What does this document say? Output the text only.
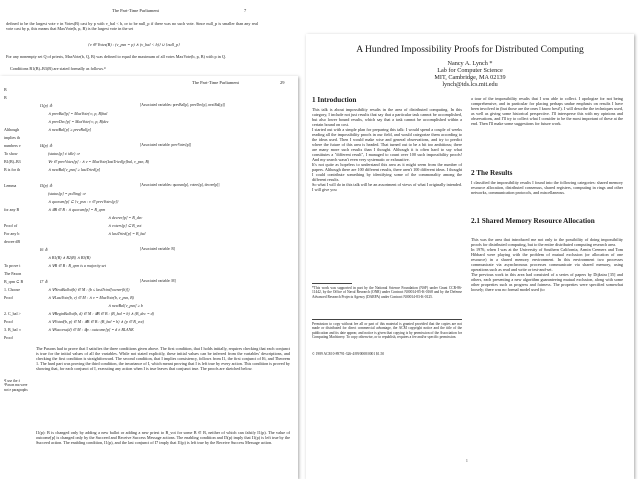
The Part-Time Parliament	7
defined to be the largest vote v in Votes(B) cast by p with v_bal < b, or to be null_p if there was no such vote. Since null_p is smaller than any real vote cast by p, this means that MaxVote(b, p, B) is the largest vote in the set
{v ∈ Votes(B) : (v_psn = p) ∧ (v_bal < b)} ∪ {null_p}
For any nonempty set Q of priests, MaxVote(b, Q, B) was defined to equal the maximum of all votes MaxVote(b, p, B) with p in Q.
Conditions B1(B)–B3(B) are stated formally as follows.⁸
The Part-Time Parliament	29
B
B
I1(p) ≜	[Associated variables: prevBal[p], prevDec[p], nextBal[p]]
∧ prevBal[p] = MaxVote(∞, p, B)bal
∧ prevDec[p] = MaxVote(∞, p, B)dec
Although	∧ nextBal[p] ≥ prevBal[p]
implies th
numbers v	I4(p) ≜	[Associated variable: prevVotes[p]]
To show	(status[p] ≠ idle) ⇒
B1(B)–B3	∀v ∈ prevVotes[p] : ∧ v = MaxVote(lastTried[p]bal, v_psn, B)
B is for th	∧ nextBal[v_psn] ≥ lastTried[p]
Lemma	I5(p) ≜	[Associated variables: quorum[p], voters[p], decree[p]]
(status[p] = polling) ⇒
∧ quorum[p] ⊆ {v_psn : v ∈ prevVotes[p]}
for any B	∧ ∃B ∈ B : ∧ quorum[p] = B_qrm
∧ decree[p] = B_dec
Proof of	∧ voters[p] ⊆ B_vot
For any b	∧ lastTried[p] = B_bal
decree dB
I6 ≜	[Associated variable: B]
∧ B1(B) ∧ B2(B) ∧ B3(B)
To prove t	∧ ∀B ∈ B : B_qrm is a majority set
The Paxon
B_qrm ⊆ B	I7 ≜	[Associated variable: M]
1. Choose	∧ ∀NextBallot(b) ∈ M : (b ≤ lastTried[owner(b)])
Proof	∧ ∀LastVote(b, v) ∈ M : ∧ v = MaxVote(b, v_psn, B)
∧ nextBal[v_psn] ≥ b
2. C_bal >	∧ ∀BeginBallot(b, d) ∈ M : ∃B ∈ B : (B_bal = b) ∧ (B_dec = d)
Proof	∧ ∀Voted(b, p) ∈ M : ∃B ∈ B : (B_bal = b) ∧ (p ∈ B_vot)
3. B_bal ∩	∧ ∀Success(d) ∈ M : ∃p : outcome[p] = d ≠ BLANK
Proof
⁸I use the ℓ ⁹Paxon ma were not e paragraphs
The Paxons had to prove that I satisfies the three conditions given above. The first condition, that I holds initially, requires checking that each conjunct is true for the initial values of all the variables. While not stated explicitly, these initial values can be inferred from the variables' descriptions, and checking the first condition is straightforward. The second condition, that I implies consistency, follows from I1, the first conjunct of I6, and Theorem 1. The hard part was proving the third condition, the invariance of I, which meant proving that I is left true by every action. This condition is proved by showing that, for each conjunct of I, executing any action when I is true leaves that conjunct true. The proofs are sketched below.
I1(p): B is changed only by adding a new ballot or adding a new priest to B_vot for some B ∈ B, neither of which can falsify I1(p). The value of outcome[p] is changed only by the Succeed and Receive Success Message actions. The enabling condition and I5(p) imply that I1(p) is left true by the Succeed action. The enabling condition, I1(p), and the last conjunct of I7 imply that I1(p) is left true by the Receive Success Message action.
A Hundred Impossibility Proofs for Distributed Computing
Nancy A. Lynch *
Lab for Computer Science
MIT, Cambridge, MA 02139
lynch@tds.lcs.mit.edu
1 Introduction
This talk is about impossibility results in the area of distributed computing. In this category, I include not just results that say that a particular task cannot be accomplished, but also lower bound results, which say that a task cannot be accomplished within a certain bound on cost.
I started out with a simple plan for preparing this talk: I would spend a couple of weeks reading all the impossibility proofs in our field, and would categorize them according to the ideas used. Then I would make wise and general observations, and try to predict where the future of this area is headed. That turned out to be a bit too ambitious; there are many more such results than I thought. Although it is often hard to say what constitutes a "different result", I managed to count over 100 such impossibility proofs! And my search wasn't even very systematic or exhaustive.
It's not quite as hopeless to understand this area as it might seem from the number of papers. Although there are 100 different results, there aren't 100 different ideas. I thought I could contribute something by identifying some of the commonality among the different results.
So what I will do in this talk will be an assortment of views of what I originally intended. I will give you
*This work was supported in part by the National Science Foundation (NSF) under Grant CCR-86-11442, by the Office of Naval Research (ONR) under Contract N00014-85-K-0168 and by the Defense Advanced Research Projects Agency (DARPA) under Contract N00014-83-K-0125.
Permission to copy without fee all or part of this material is granted provided that the copies are not made or distributed for direct commercial advantage, the ACM copyright notice and the title of the publication and its date appear, and notice is given that copying is by permission of the Association for Computing Machinery. To copy otherwise, or to republish, requires a fee and/or specific permission.
© 1989 ACM 0-89791-326-4/89/0008/0001 $1.50
1
a tour of the impossibility results that I was able to collect. I apologize for not being comprehensive, and in particular for placing perhaps undue emphasis on results I have been involved in (but those are the ones I know best!). I will describe the techniques used, as well as giving some historical perspective. I'll intersperse this with my opinions and observations, and I'll try to collect what I consider to be the most important of these at the end. Then I'll make some suggestions for future work.
2 The Results
I classified the impossibility results I found into the following categories: shared memory resource allocation, distributed consensus, shared registers, computing in rings and other networks, communication protocols, and miscellaneous.
2.1 Shared Memory Resource Allocation
This was the area that introduced me not only to the possibility of doing impossibility proofs for distributed computing, but to the entire distributed computing research area.
In 1976, when I was at the University of Southern California, Armin Cremers and Tom Hibbard were playing with the problem of mutual exclusion (or allocation of one resource) in a shared memory environment. In this environment two processes communicate via asynchronous processes communicate via shared memory, using operations such as read and write or test-and-set.
The previous work in this area had consisted of a series of papers by Dijkstra [35] and others, each presenting a new algorithm guaranteeing mutual exclusion, along with some other properties such as progress and fairness. The properties were specified somewhat loosely; there was no formal model used (to
